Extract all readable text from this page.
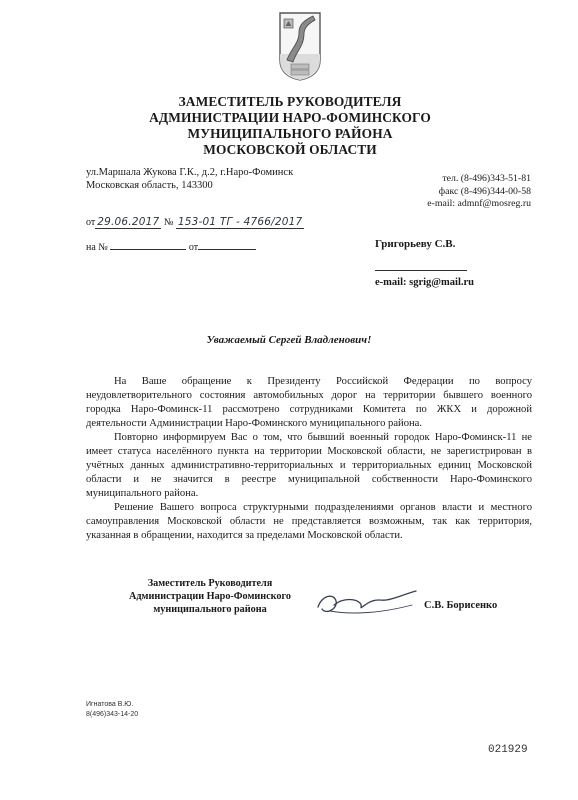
ЗАМЕСТИТЕЛЬ РУКОВОДИТЕЛЯ
АДМИНИСТРАЦИИ НАРО-ФОМИНСКОГО
МУНИЦИПАЛЬНОГО РАЙОНА
МОСКОВСКОЙ ОБЛАСТИ
ул.Маршала Жукова Г.К., д.2, г.Наро-Фоминск
Московская область, 143300
тел. (8-496)343-51-81
факс (8-496)344-00-58
e-mail: admnf@mosreg.ru
от 29.06.2017 № 153-01 ТГ - 4766/2017
на №	от	Григорьеву С.В.
e-mail: sgrig@mail.ru
Уважаемый Сергей Владленович!

На Ваше обращение к Президенту Российской Федерации по вопросу неудовлетворительного состояния автомобильных дорог на территории бывшего военного городка Наро-Фоминск-11 рассмотрено сотрудниками Комитета по ЖКХ и дорожной деятельности Администрации Наро-Фоминского муниципального района.

Повторно информируем Вас о том, что бывший военный городок Наро-Фоминск-11 не имеет статуса населённого пункта на территории Московской области, не зарегистрирован в учётных данных административно-территориальных и территориальных единиц Московской области и не значится в реестре муниципальной собственности Наро-Фоминского муниципального района.

Решение Вашего вопроса структурными подразделениями органов власти и местного самоуправления Московской области не представляется возможным, так как территория, указанная в обращении, находится за пределами Московской области.

Заместитель Руководителя
Администрации Наро-Фоминского
муниципального района	С.В. Борисенко
Игнатова В.Ю.
8(496)343-14-20
021929
